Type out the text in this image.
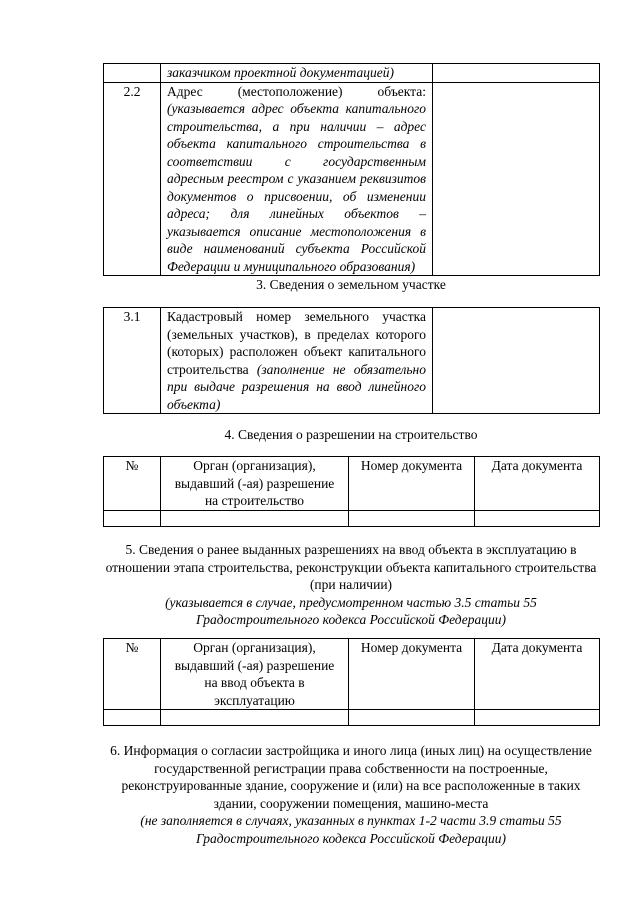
	заказчиком проектной документацией)	
2.2	Адрес (местоположение) объекта: (указывается адрес объекта капитального строительства, а при наличии – адрес объекта капитального строительства в соответствии с государственным адресным реестром с указанием реквизитов документов о присвоении, об изменении адреса; для линейных объектов – указывается описание местоположения в виде наименований субъекта Российской Федерации и муниципального образования)	
3. Сведения о земельном участке
3.1	Кадастровый номер земельного участка (земельных участков), в пределах которого (которых) расположен объект капитального строительства (заполнение не обязательно при выдаче разрешения на ввод линейного объекта)	
4. Сведения о разрешении на строительство
№	Орган (организация), выдавший (-ая) разрешение на строительство	Номер документа	Дата документа

5. Сведения о ранее выданных разрешениях на ввод объекта в эксплуатацию в отношении этапа строительства, реконструкции объекта капитального строительства (при наличии)
(указывается в случае, предусмотренном частью 3.5 статьи 55 Градостроительного кодекса Российской Федерации)
№	Орган (организация), выдавший (-ая) разрешение на ввод объекта в эксплуатацию	Номер документа	Дата документа

6. Информация о согласии застройщика и иного лица (иных лиц) на осуществление государственной регистрации права собственности на построенные, реконструированные здание, сооружение и (или) на все расположенные в таких здании, сооружении помещения, машино-места
(не заполняется в случаях, указанных в пунктах 1-2 части 3.9 статьи 55 Градостроительного кодекса Российской Федерации)
